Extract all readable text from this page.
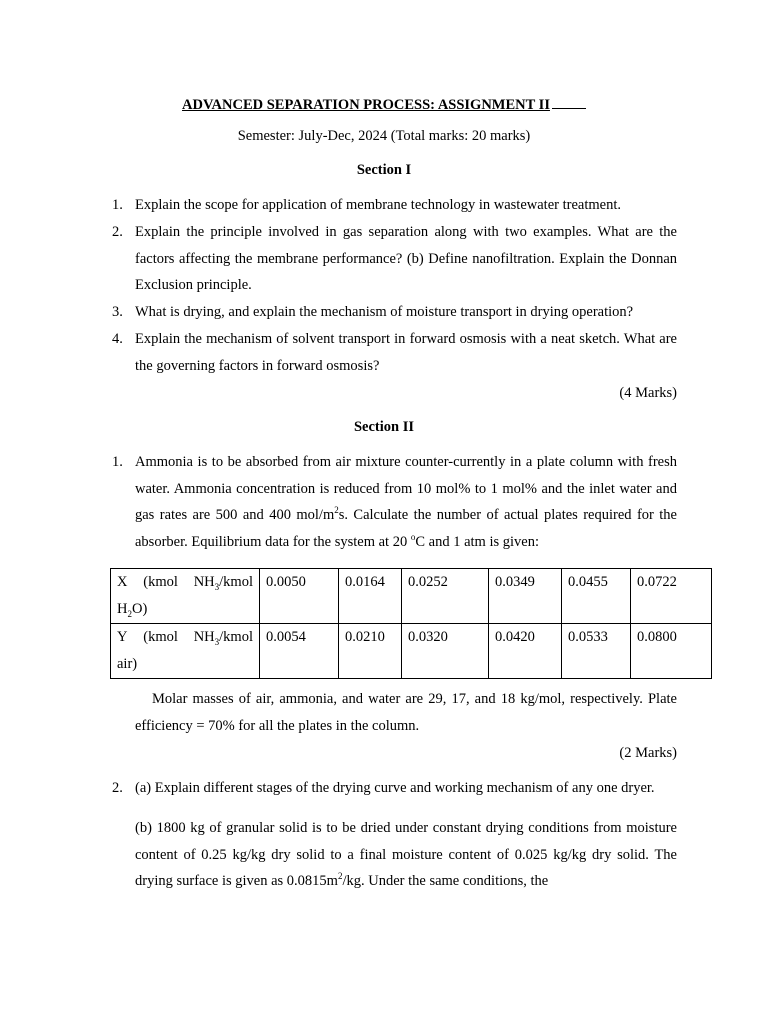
ADVANCED SEPARATION PROCESS: ASSIGNMENT II
Semester: July-Dec, 2024 (Total marks: 20 marks)
Section I
1. Explain the scope for application of membrane technology in wastewater treatment.
2. Explain the principle involved in gas separation along with two examples. What are the factors affecting the membrane performance? (b) Define nanofiltration. Explain the Donnan Exclusion principle.
3. What is drying, and explain the mechanism of moisture transport in drying operation?
4. Explain the mechanism of solvent transport in forward osmosis with a neat sketch. What are the governing factors in forward osmosis?
(4 Marks)
Section II
1. Ammonia is to be absorbed from air mixture counter-currently in a plate column with fresh water. Ammonia concentration is reduced from 10 mol% to 1 mol% and the inlet water and gas rates are 500 and 400 mol/$m^2s$. Calculate the number of actual plates required for the absorber. Equilibrium data for the system at 20 $^o$C and 1 atm is given:
X (kmol $NH_3$/kmol
$H_2O$)	0.0050	0.0164	0.0252	0.0349	0.0455	0.0722

Y (kmol $NH_3$/kmol
air)	0.0054	0.0210	0.0320	0.0420	0.0533	0.0800
Molar masses of air, ammonia, and water are 29, 17, and 18 kg/mol, respectively. Plate efficiency = 70% for all the plates in the column.
(2 Marks)
2. (a) Explain different stages of the drying curve and working mechanism of any one dryer.
(b) 1800 kg of granular solid is to be dried under constant drying conditions from moisture content of 0.25 kg/kg dry solid to a final moisture content of 0.025 kg/kg dry solid. The drying surface is given as $0.0815m^2/kg$. Under the same conditions, the
